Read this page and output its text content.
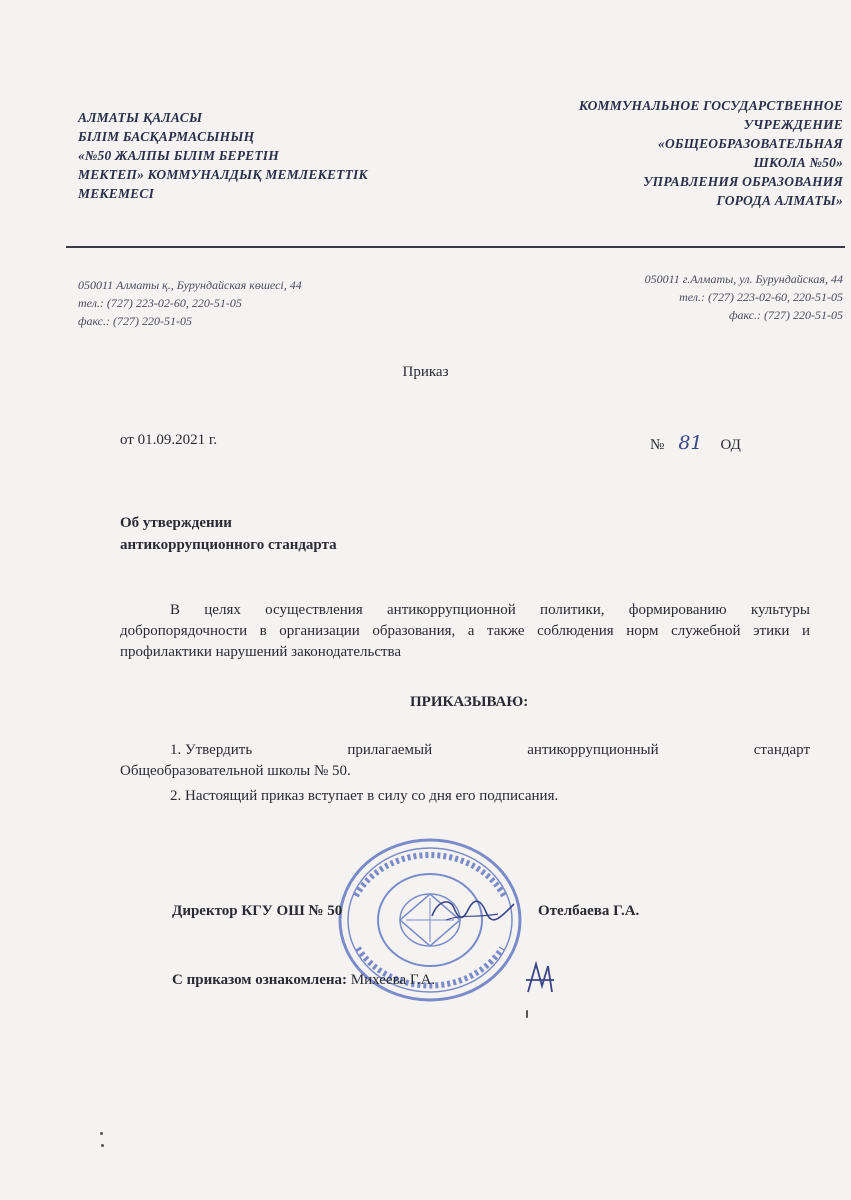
АЛМАТЫ ҚАЛАСЫ
БІЛІМ БАСҚАРМАСЫНЫҢ
«№50 ЖАЛПЫ БІЛІМ БЕРЕТІН
МЕКТЕП» КОММУНАЛДЫҚ МЕМЛЕКЕТТІК
МЕКЕМЕСІ
КОММУНАЛЬНОЕ ГОСУДАРСТВЕННОЕ
УЧРЕЖДЕНИЕ
«ОБЩЕОБРАЗОВАТЕЛЬНАЯ
ШКОЛА №50»
УПРАВЛЕНИЯ ОБРАЗОВАНИЯ
ГОРОДА АЛМАТЫ»
050011 Алматы қ., Бурундайская көшесі, 44
тел.: (727) 223-02-60, 220-51-05
факс.: (727) 220-51-05
050011 г.Алматы, ул. Бурундайская, 44
тел.: (727) 223-02-60, 220-51-05
факс.: (727) 220-51-05
Приказ
от 01.09.2021 г.	№ 81 ОД
Об утверждении
антикоррупционного стандарта
В целях осуществления антикоррупционной политики, формированию культуры добропорядочности в организации образования, а также соблюдения норм служебной этики и профилактики нарушений законодательства
ПРИКАЗЫВАЮ:
1. Утвердить	прилагаемый	антикоррупционный	стандарт
Общеобразовательной школы № 50.
2. Настоящий приказ вступает в силу со дня его подписания.
Директор КГУ ОШ № 50	Отелбаева Г.А.
С приказом ознакомлена: Михеева Г.А.
